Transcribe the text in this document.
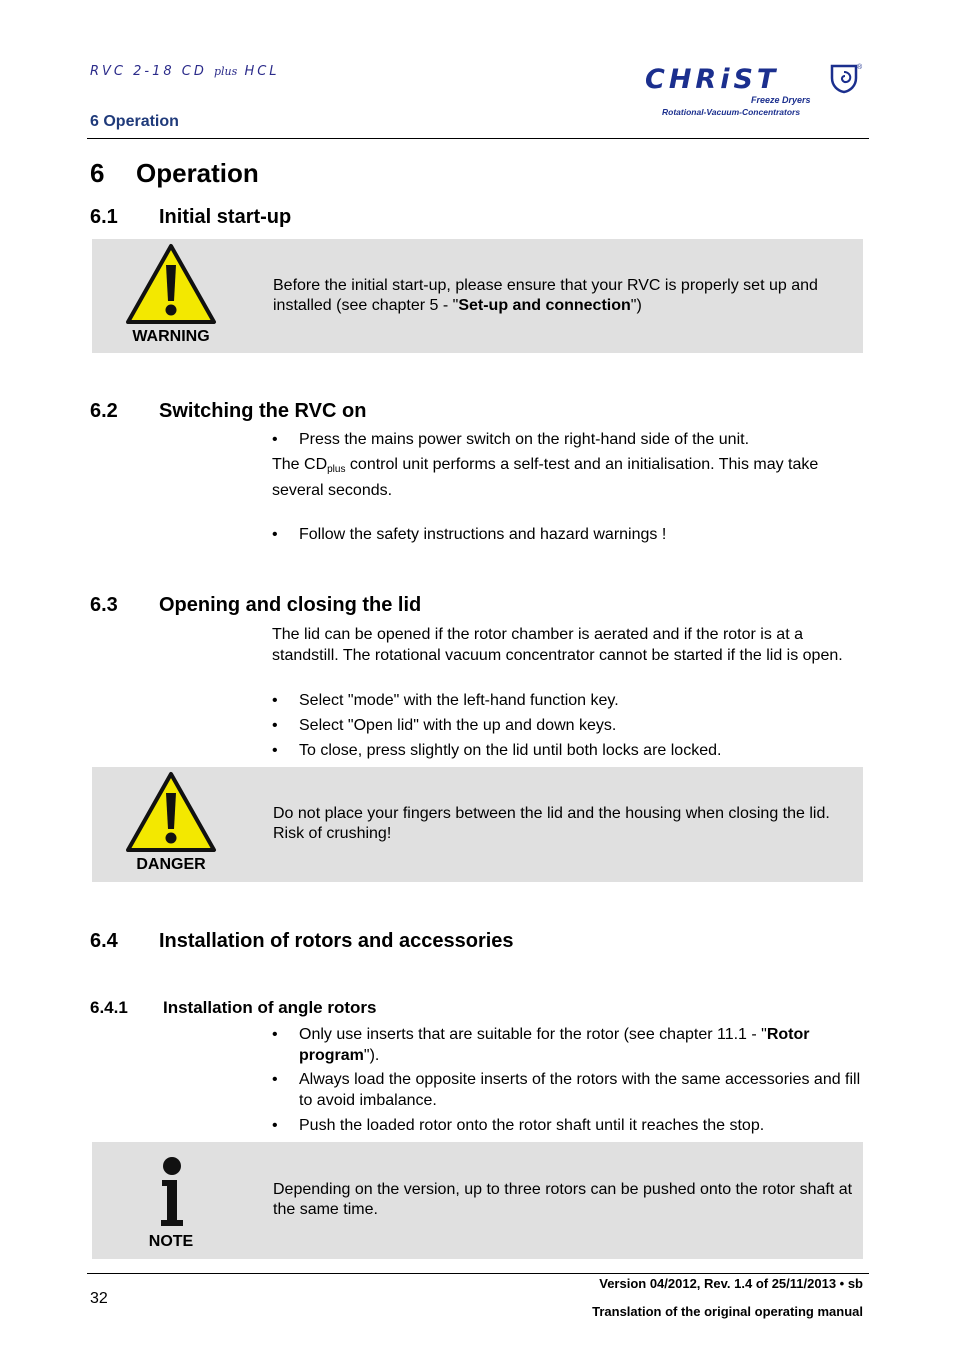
RVC 2-18 CD plus HCL
6 Operation
CHRiST	®
Freeze Dryers
Rotational-Vacuum-Concentrators
6 Operation
6.1 Initial start-up
WARNING
Before the initial start-up, please ensure that your RVC is properly set up and installed (see chapter 5 - "Set-up and connection")
6.2 Switching the RVC on
• Press the mains power switch on the right-hand side of the unit.
The $CD_{plus}$ control unit performs a self-test and an initialisation. This may take several seconds.
• Follow the safety instructions and hazard warnings !
6.3 Opening and closing the lid
The lid can be opened if the rotor chamber is aerated and if the rotor is at a standstill. The rotational vacuum concentrator cannot be started if the lid is open.
• Select "mode" with the left-hand function key.
• Select "Open lid" with the up and down keys.
• To close, press slightly on the lid until both locks are locked.
DANGER
Do not place your fingers between the lid and the housing when closing the lid. Risk of crushing!
6.4 Installation of rotors and accessories
6.4.1 Installation of angle rotors
• Only use inserts that are suitable for the rotor (see chapter 11.1 - "Rotor program").
• Always load the opposite inserts of the rotors with the same accessories and fill to avoid imbalance.
• Push the loaded rotor onto the rotor shaft until it reaches the stop.
NOTE
Depending on the version, up to three rotors can be pushed onto the rotor shaft at the same time.
32
Version 04/2012, Rev. 1.4 of 25/11/2013 • sb
Translation of the original operating manual
